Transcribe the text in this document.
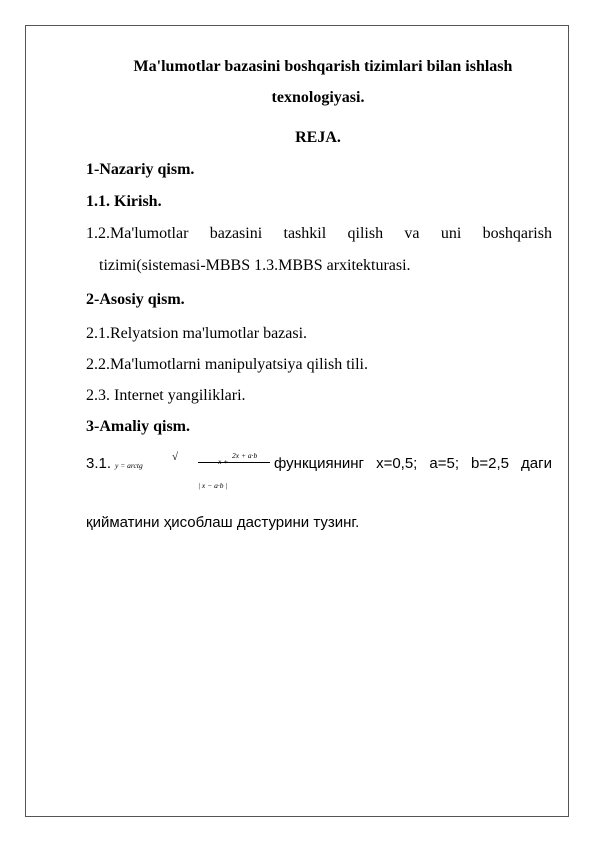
Ma'lumotlar bazasini boshqarish tizimlari bilan ishlash
texnologiyasi.
REJA.
1-Nazariy qism.
1.1. Kirish.
1.2.Ma'lumotlar bazasini tashkil qilish va uni boshqarish
tizimi(sistemasi-MBBS 1.3.MBBS arxitekturasi.
2-Asosiy qism.
2.1.Relyatsion ma'lumotlar bazasi.
2.2.Ma'lumotlarni manipulyatsiya qilish tili.
2.3. Internet yangiliklari.
3-Amaliy qism.
3.1. y = arctg
√	x +
2x + a·b
| x − a·b |
функциянинг x=0,5; a=5; b=2,5 даги
қийматини ҳисоблаш дастурини тузинг.
